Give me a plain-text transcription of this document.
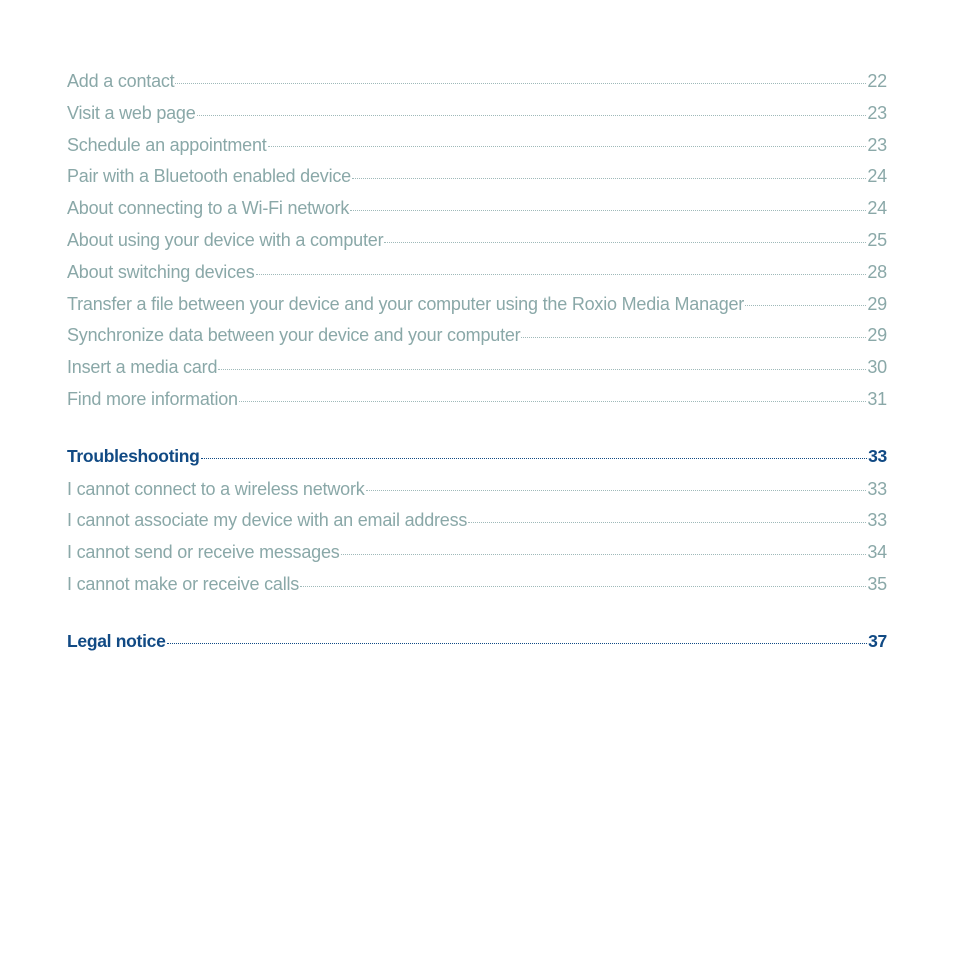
Add a contact	22
Visit a web page	23
Schedule an appointment	23
Pair with a Bluetooth enabled device	24
About connecting to a Wi-Fi network	24
About using your device with a computer	25
About switching devices	28
Transfer a file between your device and your computer using the Roxio Media Manager	29
Synchronize data between your device and your computer	29
Insert a media card	30
Find more information	31
Troubleshooting	33
I cannot connect to a wireless network	33
I cannot associate my device with an email address	33
I cannot send or receive messages	34
I cannot make or receive calls	35
Legal notice	37
